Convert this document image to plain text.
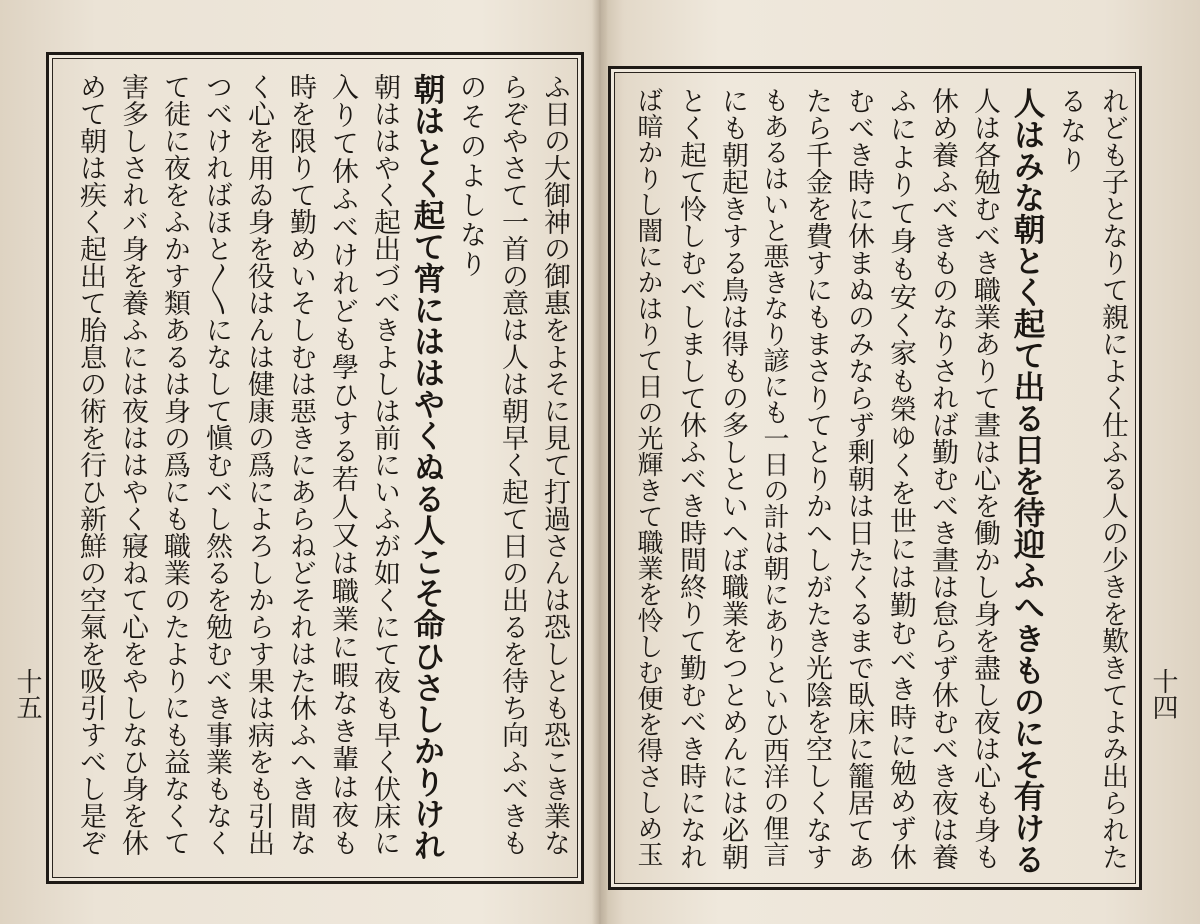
ふ日の大御神の御惠をよそに見て打過さんは恐しとも恐こき業な
らぞやさて一首の意は人は朝早く起て日の出るを待ち向ふべきも
のそのよしなり
朝はとく起て宵にははやくぬる人こそ命ひさしかりけれ
朝ははやく起出づべきよしは前にいふが如くにて夜も早く伏床に
入りて休ふべけれども學ひする若人又は職業に暇なき輩は夜も
時を限りて勤めいそしむは惡きにあらねどそれはた休ふへき間な
く心を用ゐ身を役はんは健康の爲によろしからす果は病をも引出
つべければほと〳〵になして愼むべし然るを勉むべき事業もなく
て徒に夜をふかす類あるは身の爲にも職業のたよりにも益なくて
害多しされバ身を養ふには夜ははやく寢ねて心をやしなひ身を休
めて朝は疾く起出て胎息の術を行ひ新鮮の空氣を吸引すべし是ぞ
十五	れども子となりて親によく仕ふる人の少きを歎きてよみ出られた
るなり
人はみな朝とく起て出る日を待迎ふへきものにそ有ける
人は各勉むべき職業ありて晝は心を働かし身を盡し夜は心も身も
休め養ふべきものなりされば勤むべき晝は怠らず休むべき夜は養
ふによりて身も安く家も榮ゆくを世には勤むべき時に勉めず休
むべき時に休まぬのみならず剰朝は日たくるまで臥床に籠居てあ
たら千金を費すにもまさりてとりかへしがたき光陰を空しくなす
もあるはいと悪きなり諺にも一日の計は朝にありといひ西洋の俚言
にも朝起きする鳥は得もの多しといへば職業をつとめんには必朝
とく起て怜しむべしまして休ふべき時間終りて勤むべき時になれ
ば暗かりし闇にかはりて日の光輝きて職業を怜しむ便を得さしめ玉	十四
